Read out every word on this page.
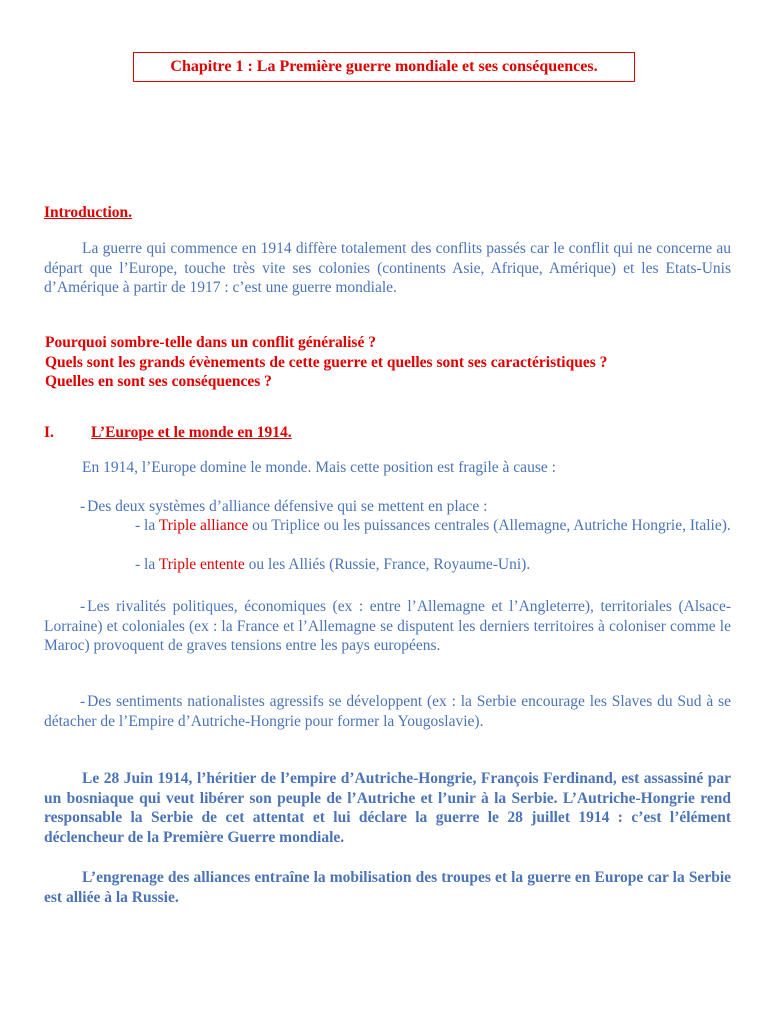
Chapitre 1 : La Première guerre mondiale et ses conséquences.
Introduction.
La guerre qui commence en 1914 diffère totalement des conflits passés car le conflit qui ne concerne au départ que l’Europe, touche très vite ses colonies (continents Asie, Afrique, Amérique) et les Etats-Unis d’Amérique à partir de 1917 : c’est une guerre mondiale.
Pourquoi sombre-telle dans un conflit généralisé ?
Quels sont les grands évènements de cette guerre et quelles sont ses caractéristiques ?
Quelles en sont ses conséquences ?
I. L’Europe et le monde en 1914.
En 1914, l’Europe domine le monde. Mais cette position est fragile à cause :
- Des deux systèmes d’alliance défensive qui se mettent en place :
- la Triple alliance ou Triplice ou les puissances centrales (Allemagne, Autriche Hongrie, Italie).
- la Triple entente ou les Alliés (Russie, France, Royaume-Uni).
- Les rivalités politiques, économiques (ex : entre l’Allemagne et l’Angleterre), territoriales (Alsace-Lorraine) et coloniales (ex : la France et l’Allemagne se disputent les derniers territoires à coloniser comme le Maroc) provoquent de graves tensions entre les pays européens.
- Des sentiments nationalistes agressifs se développent (ex : la Serbie encourage les Slaves du Sud à se détacher de l’Empire d’Autriche-Hongrie pour former la Yougoslavie).
Le 28 Juin 1914, l’héritier de l’empire d’Autriche-Hongrie, François Ferdinand, est assassiné par un bosniaque qui veut libérer son peuple de l’Autriche et l’unir à la Serbie. L’Autriche-Hongrie rend responsable la Serbie de cet attentat et lui déclare la guerre le 28 juillet 1914 : c’est l’élément déclencheur de la Première Guerre mondiale.
L’engrenage des alliances entraîne la mobilisation des troupes et la guerre en Europe car la Serbie est alliée à la Russie.
